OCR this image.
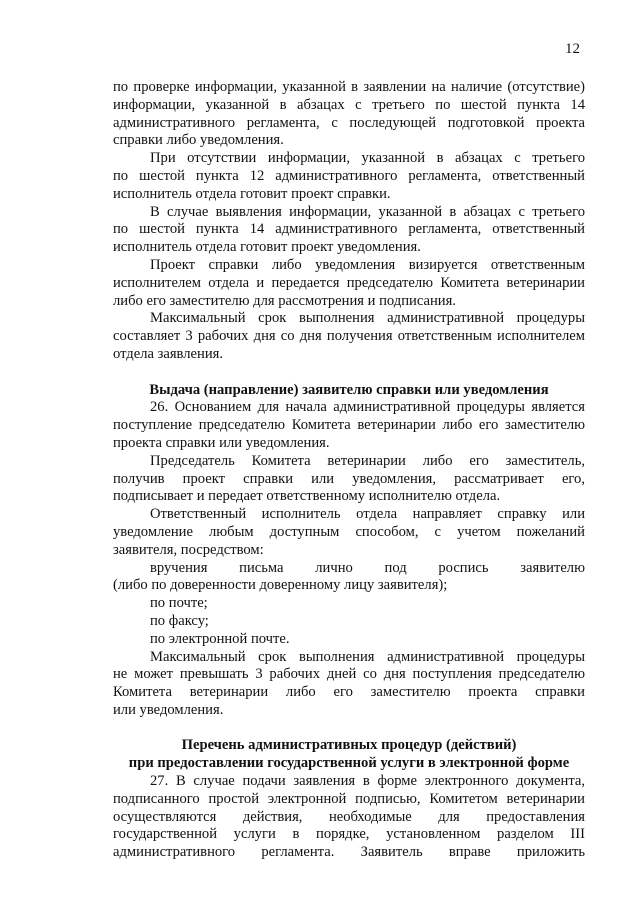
12
по проверке информации, указанной в заявлении на наличие (отсутствие)
информации, указанной в абзацах с третьего по шестой пункта 14
административного регламента, с последующей подготовкой проекта
справки либо уведомления.
При отсутствии информации, указанной в абзацах с третьего
по шестой пункта 12 административного регламента, ответственный
исполнитель отдела готовит проект справки.
В случае выявления информации, указанной в абзацах с третьего
по шестой пункта 14 административного регламента, ответственный
исполнитель отдела готовит проект уведомления.
Проект справки либо уведомления визируется ответственным
исполнителем отдела и передается председателю Комитета ветеринарии
либо его заместителю для рассмотрения и подписания.
Максимальный срок выполнения административной процедуры
составляет 3 рабочих дня со дня получения ответственным исполнителем
отдела заявления.
Выдача (направление) заявителю справки или уведомления
26. Основанием для начала административной процедуры является
поступление председателю Комитета ветеринарии либо его заместителю
проекта справки или уведомления.
Председатель Комитета ветеринарии либо его заместитель,
получив проект справки или уведомления, рассматривает его,
подписывает и передает ответственному исполнителю отдела.
Ответственный исполнитель отдела направляет справку или
уведомление любым доступным способом, с учетом пожеланий
заявителя, посредством:
вручения письма лично под роспись заявителю
(либо по доверенности доверенному лицу заявителя);
по почте;
по факсу;
по электронной почте.
Максимальный срок выполнения административной процедуры
не может превышать 3 рабочих дней со дня поступления председателю
Комитета ветеринарии либо его заместителю проекта справки
или уведомления.
Перечень административных процедур (действий)
при предоставлении государственной услуги в электронной форме
27. В случае подачи заявления в форме электронного документа,
подписанного простой электронной подписью, Комитетом ветеринарии
осуществляются действия, необходимые для предоставления
государственной услуги в порядке, установленном разделом III
административного регламента. Заявитель вправе приложить
